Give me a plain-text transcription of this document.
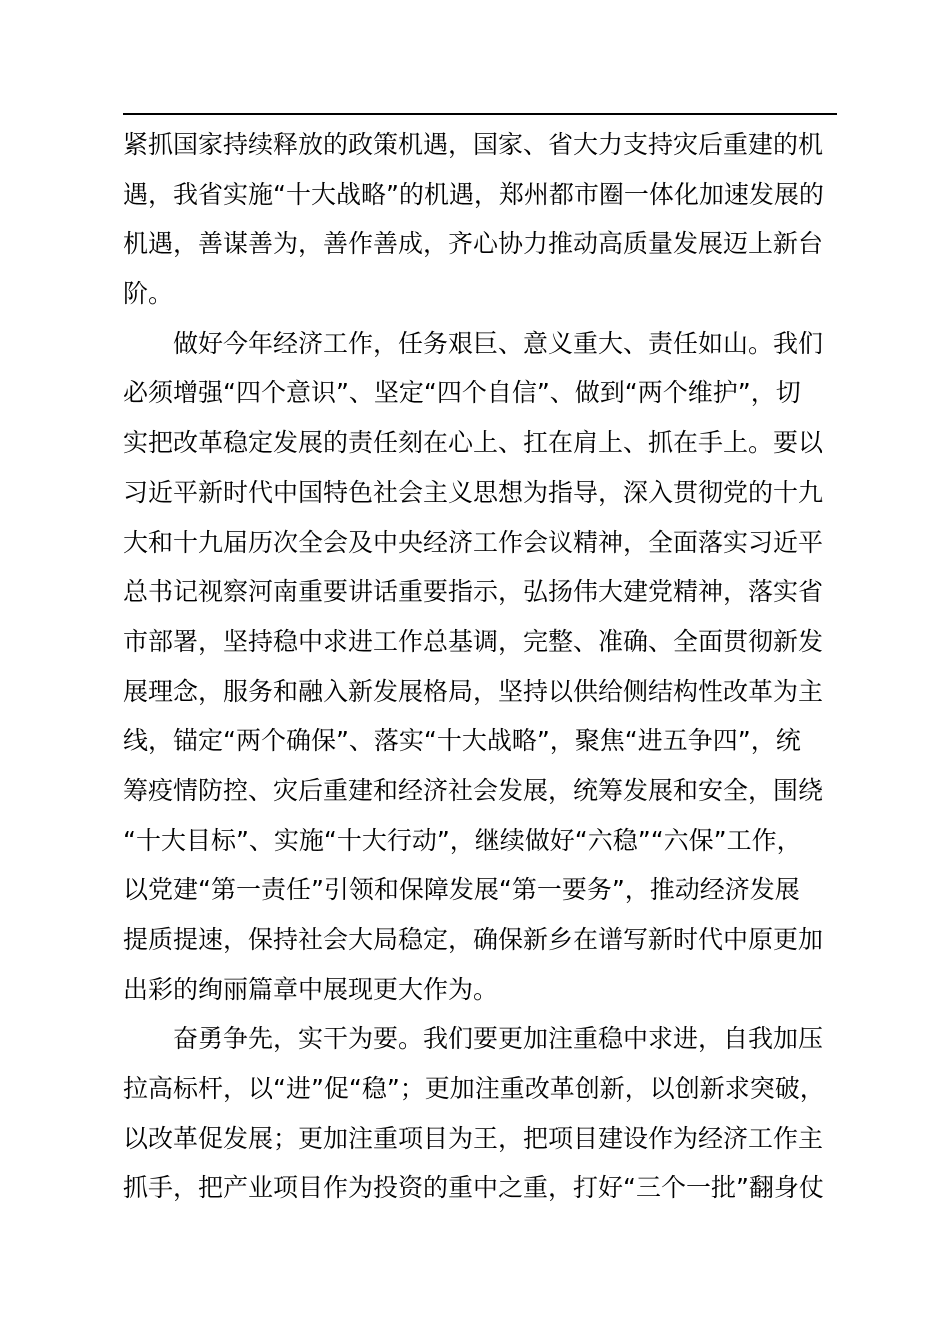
紧抓国家持续释放的政策机遇，国家、省大力支持灾后重建的机
遇，我省实施“十大战略”的机遇，郑州都市圈一体化加速发展的
机遇，善谋善为，善作善成，齐心协力推动高质量发展迈上新台
阶。
　　做好今年经济工作，任务艰巨、意义重大、责任如山。我们
必须增强“四个意识”、坚定“四个自信”、做到“两个维护”，切
实把改革稳定发展的责任刻在心上、扛在肩上、抓在手上。要以
习近平新时代中国特色社会主义思想为指导，深入贯彻党的十九
大和十九届历次全会及中央经济工作会议精神，全面落实习近平
总书记视察河南重要讲话重要指示，弘扬伟大建党精神，落实省
市部署，坚持稳中求进工作总基调，完整、准确、全面贯彻新发
展理念，服务和融入新发展格局，坚持以供给侧结构性改革为主
线，锚定“两个确保”、落实“十大战略”，聚焦“进五争四”，统
筹疫情防控、灾后重建和经济社会发展，统筹发展和安全，围绕
“十大目标”、实施“十大行动”，继续做好“六稳”“六保”工作，
以党建“第一责任”引领和保障发展“第一要务”，推动经济发展
提质提速，保持社会大局稳定，确保新乡在谱写新时代中原更加
出彩的绚丽篇章中展现更大作为。
　　奋勇争先，实干为要。我们要更加注重稳中求进，自我加压
拉高标杆，以“进”促“稳”；更加注重改革创新，以创新求突破，
以改革促发展；更加注重项目为王，把项目建设作为经济工作主
抓手，把产业项目作为投资的重中之重，打好“三个一批”翻身仗
